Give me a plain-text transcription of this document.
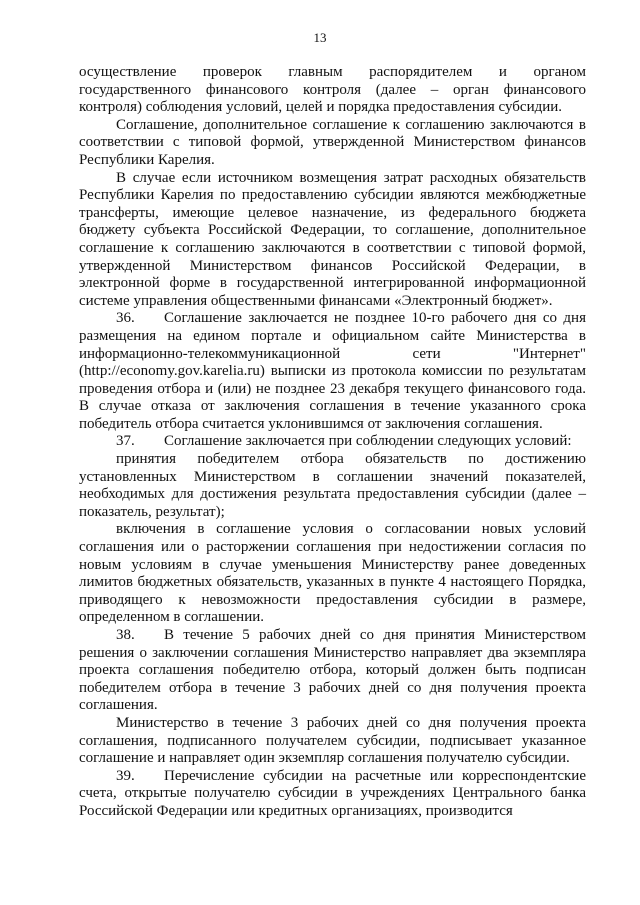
13

осуществление проверок главным распорядителем и органом государственного финансового контроля (далее – орган финансового контроля) соблюдения условий, целей и порядка предоставления субсидии.

Соглашение, дополнительное соглашение к соглашению заключаются в соответствии с типовой формой, утвержденной Министерством финансов Республики Карелия.

В случае если источником возмещения затрат расходных обязательств Республики Карелия по предоставлению субсидии являются межбюджетные трансферты, имеющие целевое назначение, из федерального бюджета бюджету субъекта Российской Федерации, то соглашение, дополнительное соглашение к соглашению заключаются в соответствии с типовой формой, утвержденной Министерством финансов Российской Федерации, в электронной форме в государственной интегрированной информационной системе управления общественными финансами «Электронный бюджет».

36. Соглашение заключается не позднее 10-го рабочего дня со дня размещения на едином портале и официальном сайте Министерства в информационно-телекоммуникационной сети "Интернет" (http://economy.gov.karelia.ru) выписки из протокола комиссии по результатам проведения отбора и (или) не позднее 23 декабря текущего финансового года. В случае отказа от заключения соглашения в течение указанного срока победитель отбора считается уклонившимся от заключения соглашения.

37. Соглашение заключается при соблюдении следующих условий:

принятия победителем отбора обязательств по достижению установленных Министерством в соглашении значений показателей, необходимых для достижения результата предоставления субсидии (далее – показатель, результат);

включения в соглашение условия о согласовании новых условий соглашения или о расторжении соглашения при недостижении согласия по новым условиям в случае уменьшения Министерству ранее доведенных лимитов бюджетных обязательств, указанных в пункте 4 настоящего Порядка, приводящего к невозможности предоставления субсидии в размере, определенном в соглашении.

38. В течение 5 рабочих дней со дня принятия Министерством решения о заключении соглашения Министерство направляет два экземпляра проекта соглашения победителю отбора, который должен быть подписан победителем отбора в течение 3 рабочих дней со дня получения проекта соглашения.

Министерство в течение 3 рабочих дней со дня получения проекта соглашения, подписанного получателем субсидии, подписывает указанное соглашение и направляет один экземпляр соглашения получателю субсидии.

39. Перечисление субсидии на расчетные или корреспондентские счета, открытые получателю субсидии в учреждениях Центрального банка Российской Федерации или кредитных организациях, производится
